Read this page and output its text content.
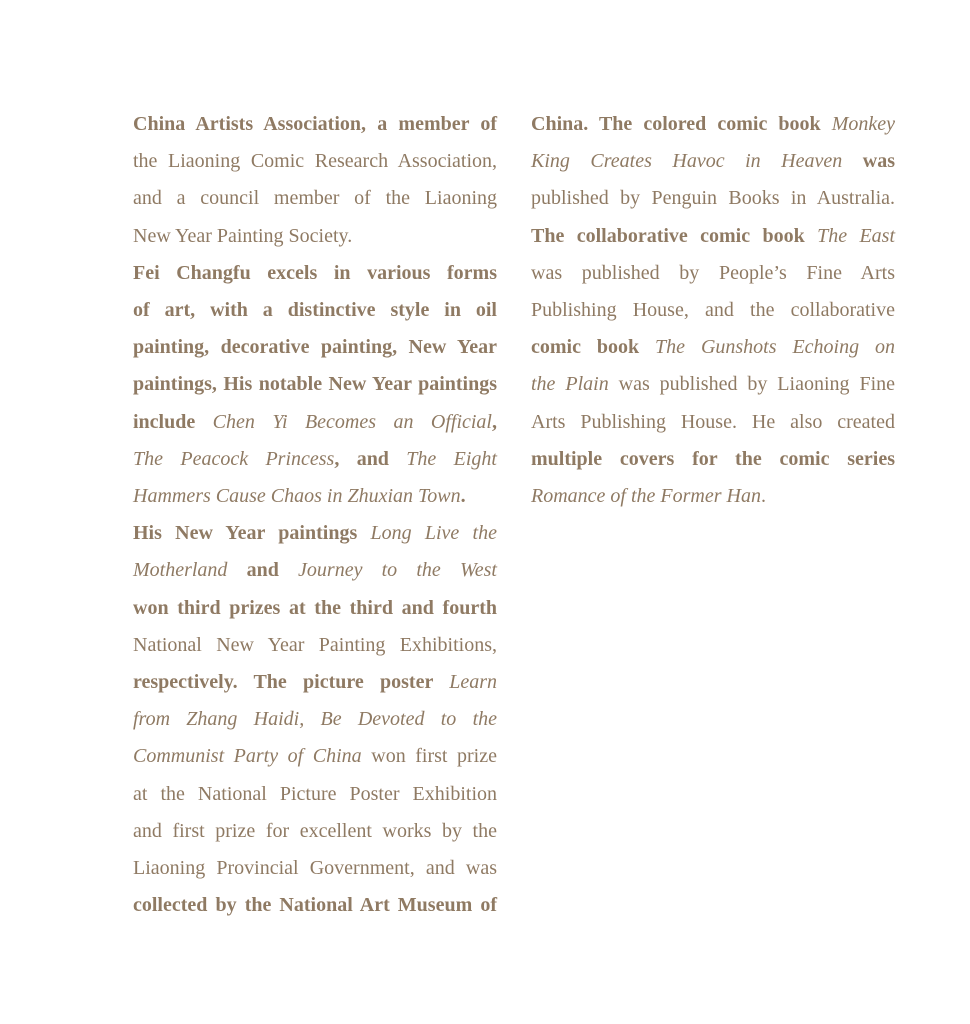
China Artists Association, a member of
the Liaoning Comic Research Association,
and a council member of the Liaoning
New Year Painting Society.
Fei Changfu excels in various forms
of art, with a distinctive style in oil
painting, decorative painting, New Year
paintings, His notable New Year paintings
include Chen Yi Becomes an Official,
The Peacock Princess, and The Eight
Hammers Cause Chaos in Zhuxian Town.
His New Year paintings Long Live the
Motherland and Journey to the West
won third prizes at the third and fourth
National New Year Painting Exhibitions,
respectively. The picture poster Learn
from Zhang Haidi, Be Devoted to the
Communist Party of China won first prize
at the National Picture Poster Exhibition
and first prize for excellent works by the
Liaoning Provincial Government, and was
collected by the National Art Museum of
China. The colored comic book Monkey
King Creates Havoc in Heaven was
published by Penguin Books in Australia.
The collaborative comic book The East
was published by People’s Fine Arts
Publishing House, and the collaborative
comic book The Gunshots Echoing on
the Plain was published by Liaoning Fine
Arts Publishing House. He also created
multiple covers for the comic series
Romance of the Former Han.
